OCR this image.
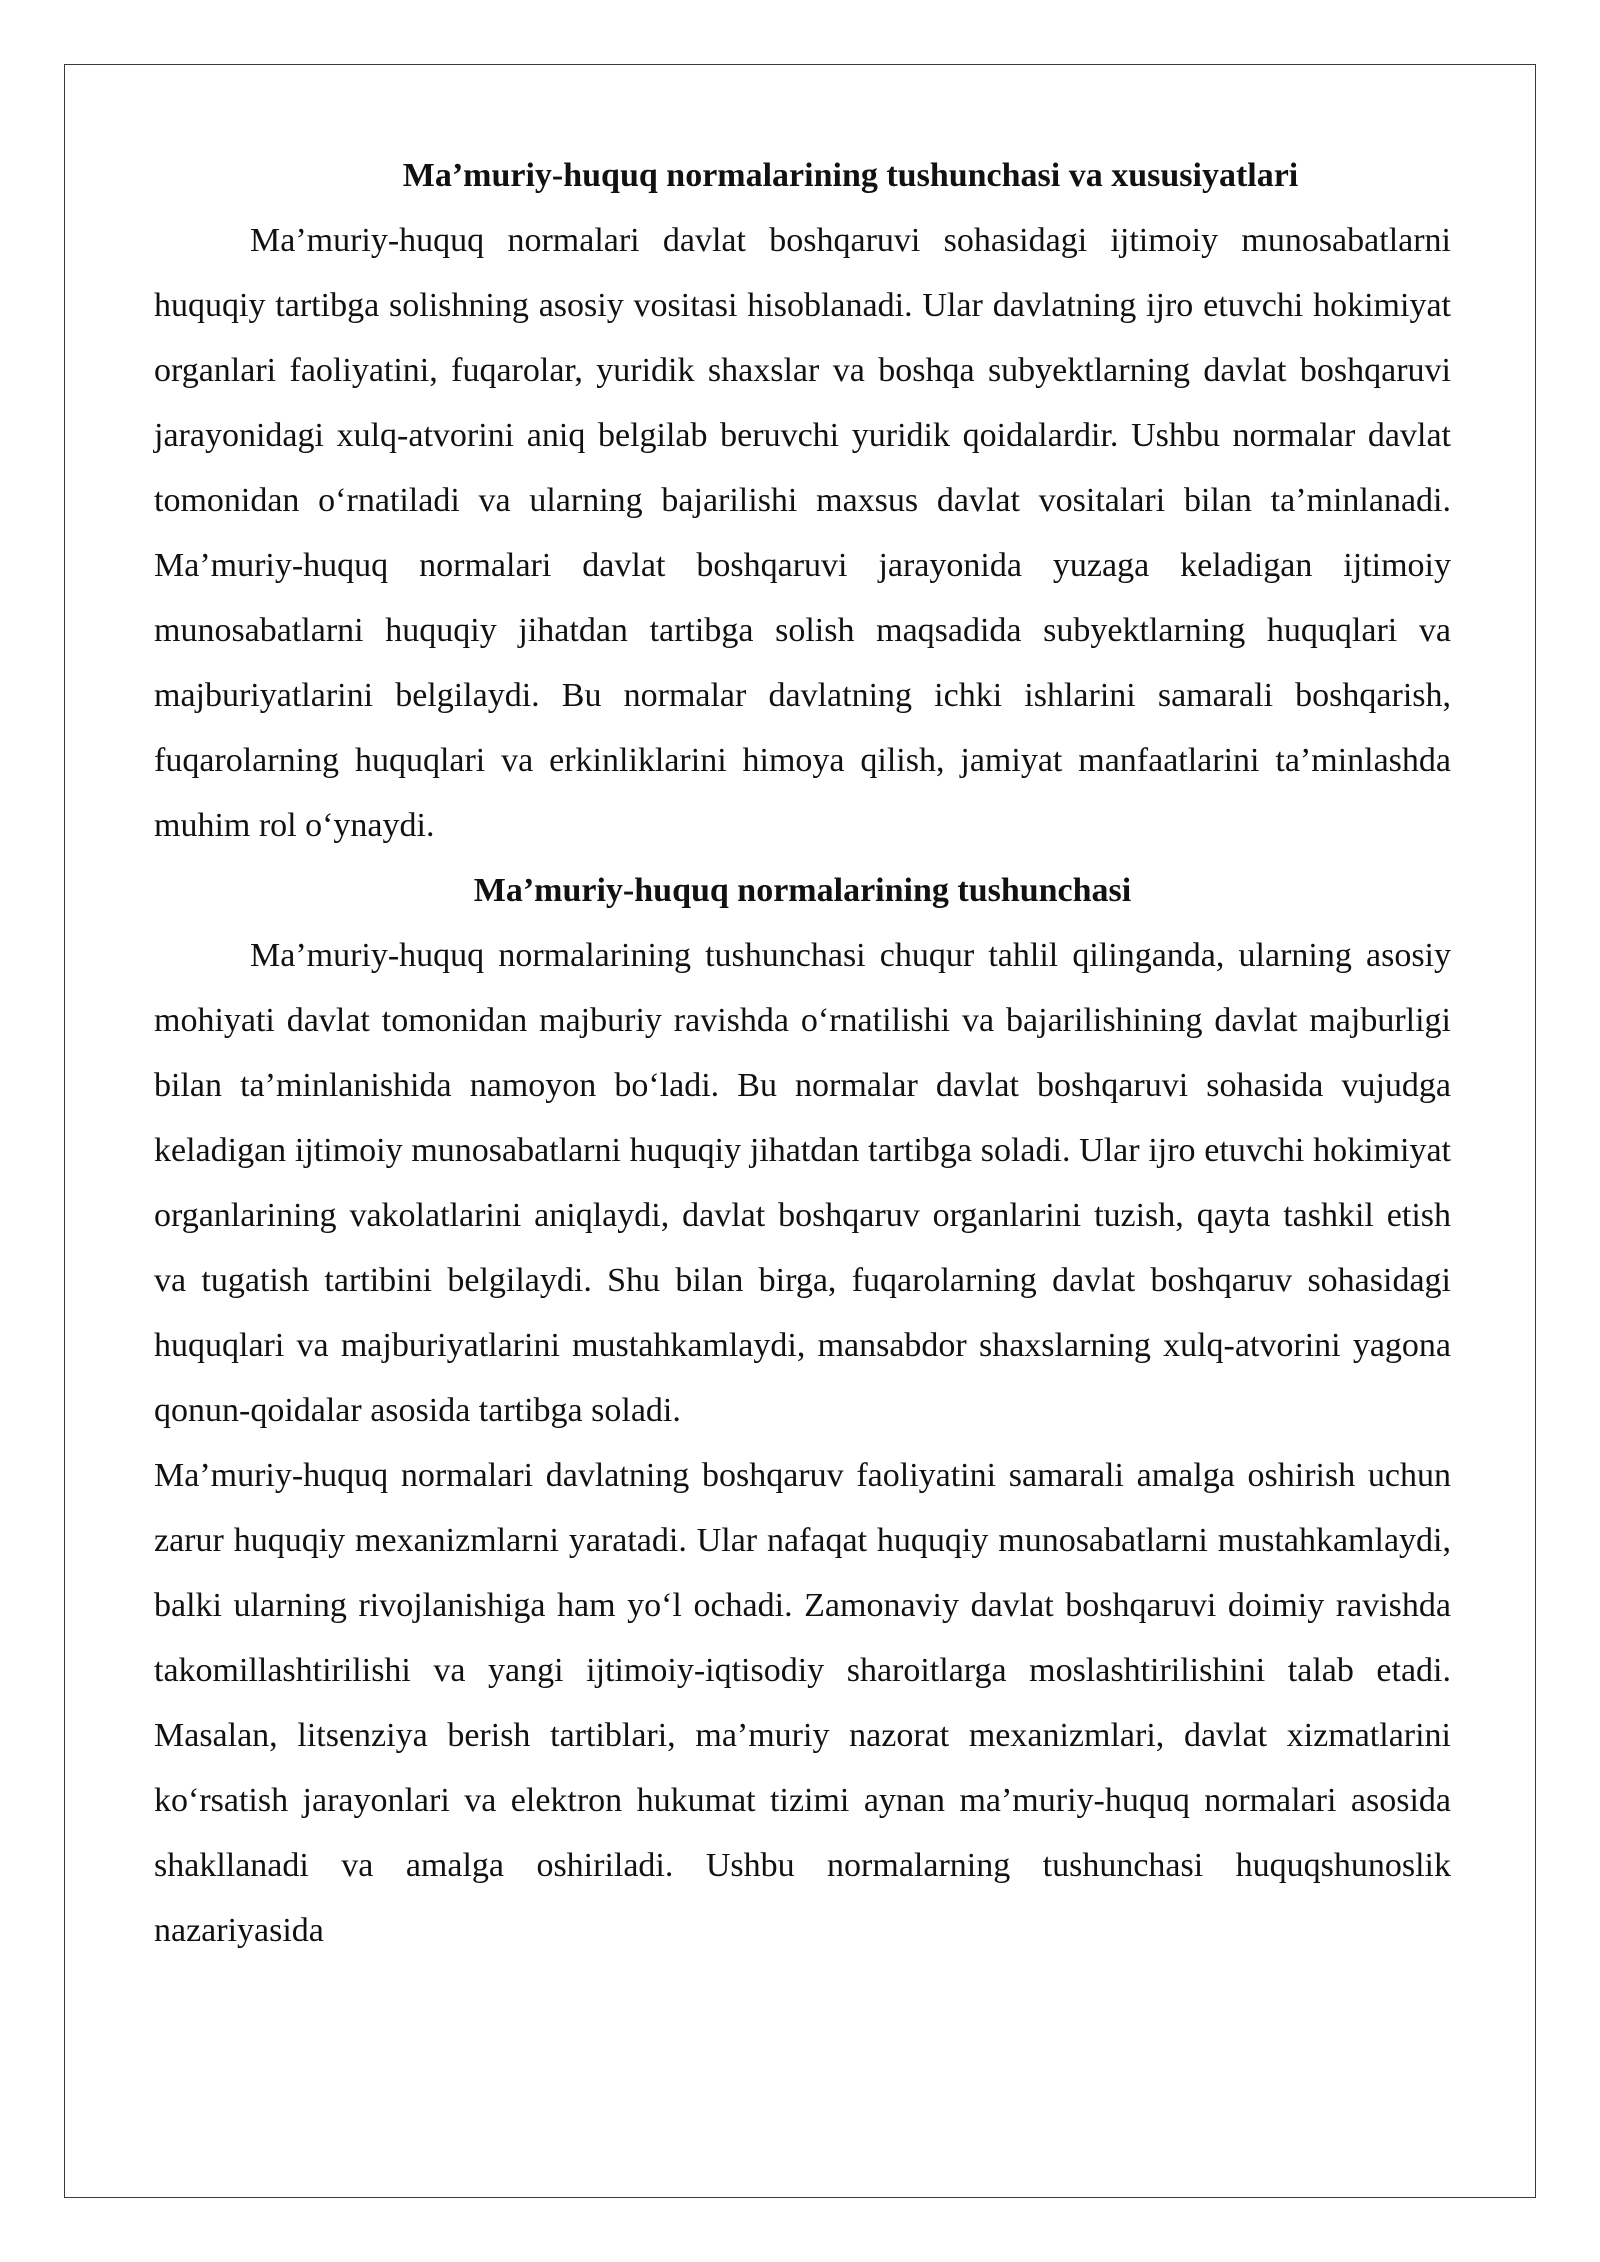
Ma’muriy-huquq normalarining tushunchasi va xususiyatlari

Ma’muriy-huquq normalari davlat boshqaruvi sohasidagi ijtimoiy munosabatlarni huquqiy tartibga solishning asosiy vositasi hisoblanadi. Ular davlatning ijro etuvchi hokimiyat organlari faoliyatini, fuqarolar, yuridik shaxslar va boshqa subyektlarning davlat boshqaruvi jarayonidagi xulq-atvorini aniq belgilab beruvchi yuridik qoidalardir. Ushbu normalar davlat tomonidan o‘rnatiladi va ularning bajarilishi maxsus davlat vositalari bilan ta’minlanadi. Ma’muriy-huquq normalari davlat boshqaruvi jarayonida yuzaga keladigan ijtimoiy munosabatlarni huquqiy jihatdan tartibga solish maqsadida subyektlarning huquqlari va majburiyatlarini belgilaydi. Bu normalar davlatning ichki ishlarini samarali boshqarish, fuqarolarning huquqlari va erkinliklarini himoya qilish, jamiyat manfaatlarini ta’minlashda muhim rol o‘ynaydi.

Ma’muriy-huquq normalarining tushunchasi

Ma’muriy-huquq normalarining tushunchasi chuqur tahlil qilinganda, ularning asosiy mohiyati davlat tomonidan majburiy ravishda o‘rnatilishi va bajarilishining davlat majburligi bilan ta’minlanishida namoyon bo‘ladi. Bu normalar davlat boshqaruvi sohasida vujudga keladigan ijtimoiy munosabatlarni huquqiy jihatdan tartibga soladi. Ular ijro etuvchi hokimiyat organlarining vakolatlarini aniqlaydi, davlat boshqaruv organlarini tuzish, qayta tashkil etish va tugatish tartibini belgilaydi. Shu bilan birga, fuqarolarning davlat boshqaruv sohasidagi huquqlari va majburiyatlarini mustahkamlaydi, mansabdor shaxslarning xulq-atvorini yagona qonun-qoidalar asosida tartibga soladi.

Ma’muriy-huquq normalari davlatning boshqaruv faoliyatini samarali amalga oshirish uchun zarur huquqiy mexanizmlarni yaratadi. Ular nafaqat huquqiy munosabatlarni mustahkamlaydi, balki ularning rivojlanishiga ham yo‘l ochadi. Zamonaviy davlat boshqaruvi doimiy ravishda takomillashtirilishi va yangi ijtimoiy-iqtisodiy sharoitlarga moslashtirilishini talab etadi. Masalan, litsenziya berish tartiblari, ma’muriy nazorat mexanizmlari, davlat xizmatlarini ko‘rsatish jarayonlari va elektron hukumat tizimi aynan ma’muriy-huquq normalari asosida shakllanadi va amalga oshiriladi. Ushbu normalarning tushunchasi huquqshunoslik nazariyasida
